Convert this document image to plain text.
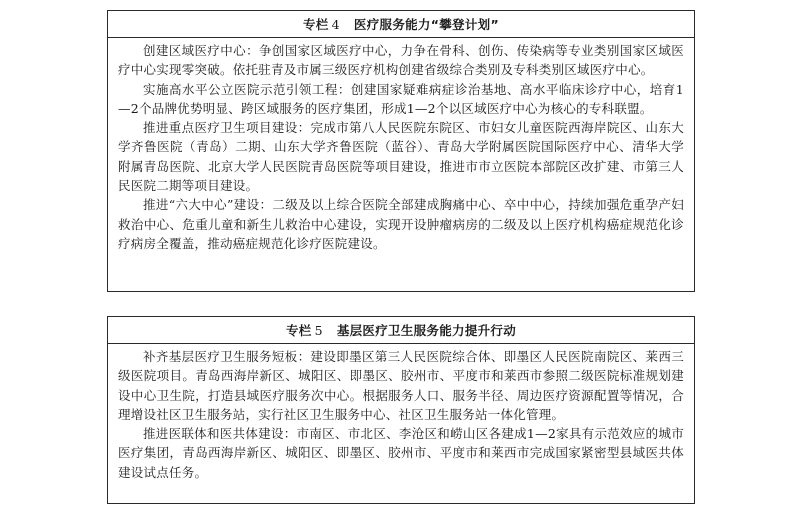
专栏 4 医疗服务能力“攀登计划”

创建区域医疗中心：争创国家区域医疗中心，力争在骨科、创伤、传染病等专业类别国家区域医疗中心实现零突破。依托驻青及市属三级医疗机构创建省级综合类别及专科类别区域医疗中心。

实施高水平公立医院示范引领工程：创建国家疑难病症诊治基地、高水平临床诊疗中心，培育1—2个品牌优势明显、跨区域服务的医疗集团，形成1—2个以区域医疗中心为核心的专科联盟。

推进重点医疗卫生项目建设：完成市第八人民医院东院区、市妇女儿童医院西海岸院区、山东大学齐鲁医院（青岛）二期、山东大学齐鲁医院（蓝谷）、青岛大学附属医院国际医疗中心、清华大学附属青岛医院、北京大学人民医院青岛医院等项目建设，推进市市立医院本部院区改扩建、市第三人民医院二期等项目建设。

推进“六大中心”建设：二级及以上综合医院全部建成胸痛中心、卒中中心，持续加强危重孕产妇救治中心、危重儿童和新生儿救治中心建设，实现开设肿瘤病房的二级及以上医疗机构癌症规范化诊疗病房全覆盖，推动癌症规范化诊疗医院建设。

专栏 5 基层医疗卫生服务能力提升行动

补齐基层医疗卫生服务短板：建设即墨区第三人民医院综合体、即墨区人民医院南院区、莱西三级医院项目。青岛西海岸新区、城阳区、即墨区、胶州市、平度市和莱西市参照二级医院标准规划建设中心卫生院，打造县域医疗服务次中心。根据服务人口、服务半径、周边医疗资源配置等情况，合理增设社区卫生服务站，实行社区卫生服务中心、社区卫生服务站一体化管理。

推进医联体和医共体建设：市南区、市北区、李沧区和崂山区各建成1—2家具有示范效应的城市医疗集团，青岛西海岸新区、城阳区、即墨区、胶州市、平度市和莱西市完成国家紧密型县域医共体建设试点任务。
